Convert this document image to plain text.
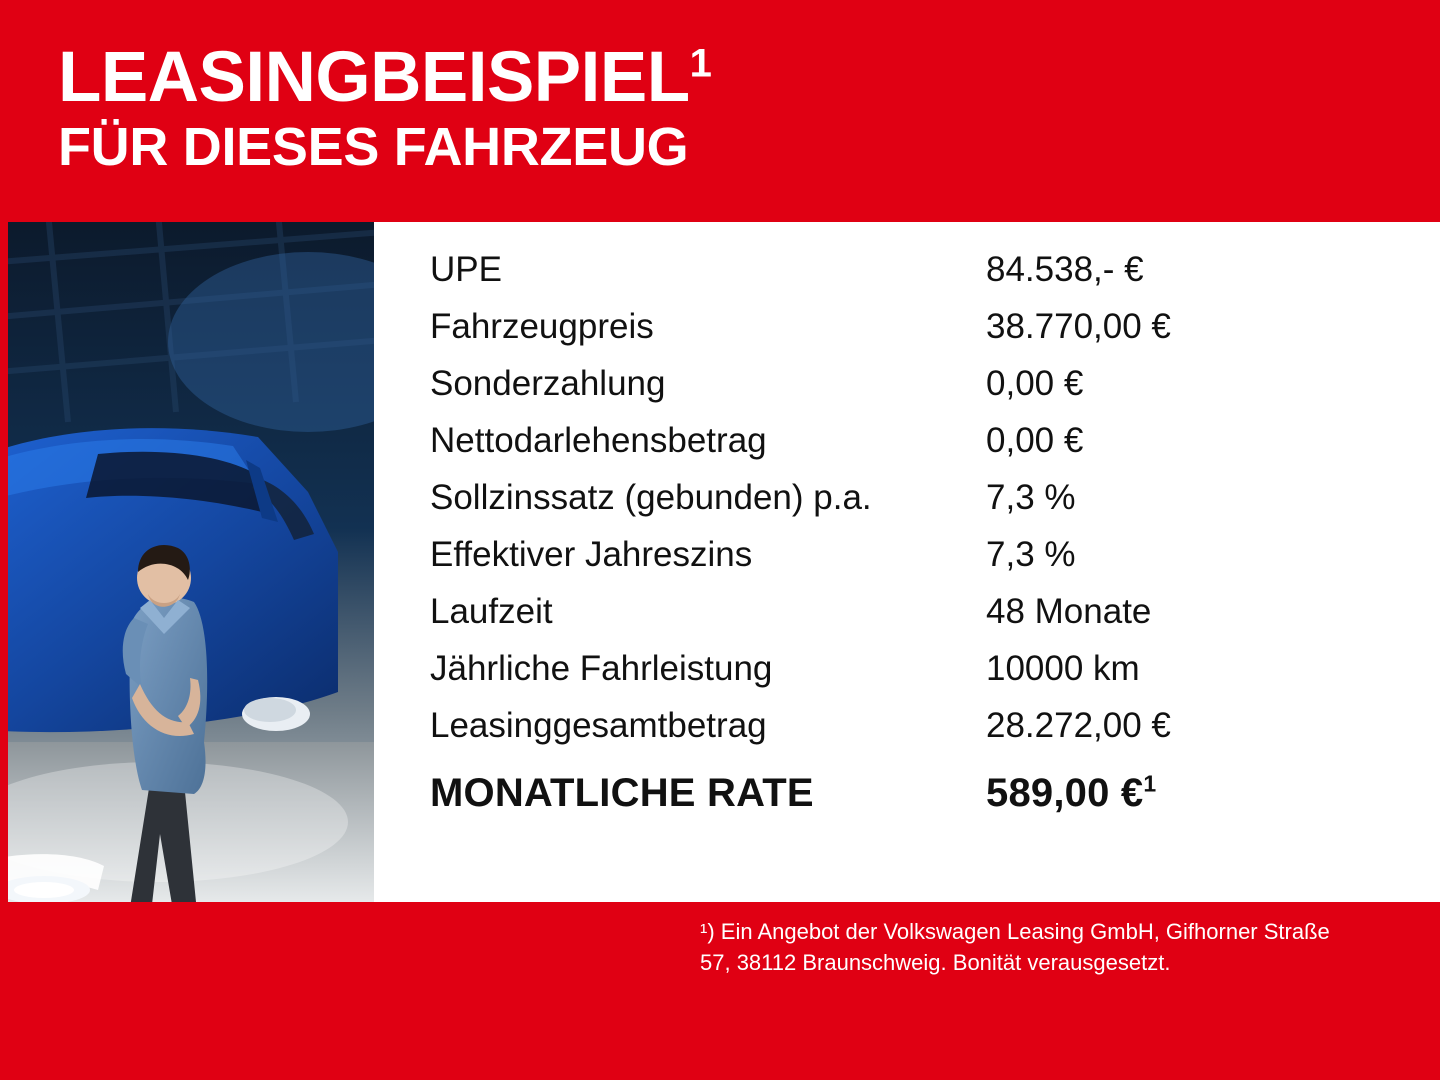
LEASINGBEISPIEL$^1$
FÜR DIESES FAHRZEUG
UPE	84.538,- €
Fahrzeugpreis	38.770,00 €
Sonderzahlung	0,00 €
Nettodarlehensbetrag	0,00 €
Sollzinssatz (gebunden) p.a.	7,3 %
Effektiver Jahreszins	7,3 %
Laufzeit	48 Monate
Jährliche Fahrleistung	10000 km
Leasinggesamtbetrag	28.272,00 €
MONATLICHE RATE	589,00 €$^1$
¹) Ein Angebot der Volkswagen Leasing GmbH, Gifhorner Straße 57, 38112 Braunschweig. Bonität verausgesetzt.
